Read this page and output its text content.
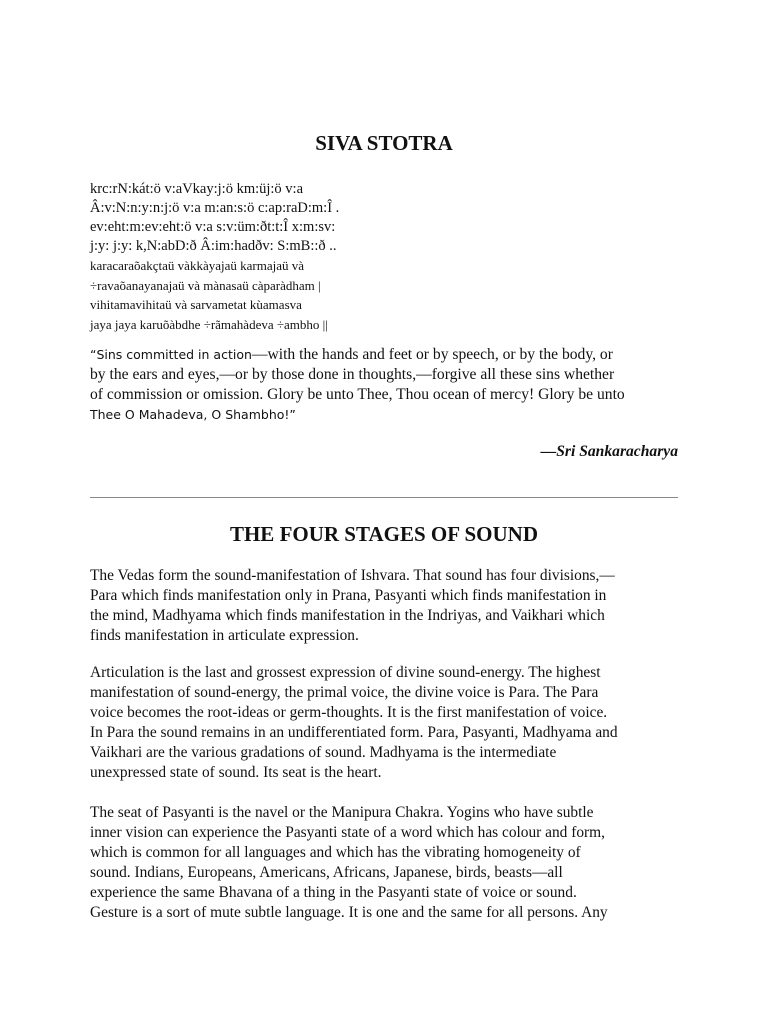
SIVA STOTRA
krc:rN:kát:ö v:aVkay:j:ö km:üj:ö v:a
Â:v:N:n:y:n:j:ö v:a m:an:s:ö c:ap:raD:m:Î .
ev:eht:m:ev:eht:ö v:a s:v:üm:ðt:t:Î x:m:sv:
j:y: j:y: k,N:abD:ð Â:im:hadðv: S:mB::ð ..
karacaraõakçtaü vàkkàyajaü karmajaü và
÷ravaõanayanajaü và mànasaü càparàdham |
vihitamavihitaü và sarvametat kùamasva
jaya jaya karuõàbdhe ÷rãmahàdeva ÷ambho ||
“Sins committed in action—with the hands and feet or by speech, or by the body, or
by the ears and eyes,—or by those done in thoughts,—forgive all these sins whether
of commission or omission. Glory be unto Thee, Thou ocean of mercy! Glory be unto
Thee O Mahadeva, O Shambho!”
—Sri Sankaracharya
THE FOUR STAGES OF SOUND

The Vedas form the sound-manifestation of Ishvara. That sound has four divisions,—
Para which finds manifestation only in Prana, Pasyanti which finds manifestation in
the mind, Madhyama which finds manifestation in the Indriyas, and Vaikhari which
finds manifestation in articulate expression.

Articulation is the last and grossest expression of divine sound-energy. The highest
manifestation of sound-energy, the primal voice, the divine voice is Para. The Para
voice becomes the root-ideas or germ-thoughts. It is the first manifestation of voice.
In Para the sound remains in an undifferentiated form. Para, Pasyanti, Madhyama and
Vaikhari are the various gradations of sound. Madhyama is the intermediate
unexpressed state of sound. Its seat is the heart.

The seat of Pasyanti is the navel or the Manipura Chakra. Yogins who have subtle
inner vision can experience the Pasyanti state of a word which has colour and form,
which is common for all languages and which has the vibrating homogeneity of
sound. Indians, Europeans, Americans, Africans, Japanese, birds, beasts—all
experience the same Bhavana of a thing in the Pasyanti state of voice or sound.
Gesture is a sort of mute subtle language. It is one and the same for all persons. Any
